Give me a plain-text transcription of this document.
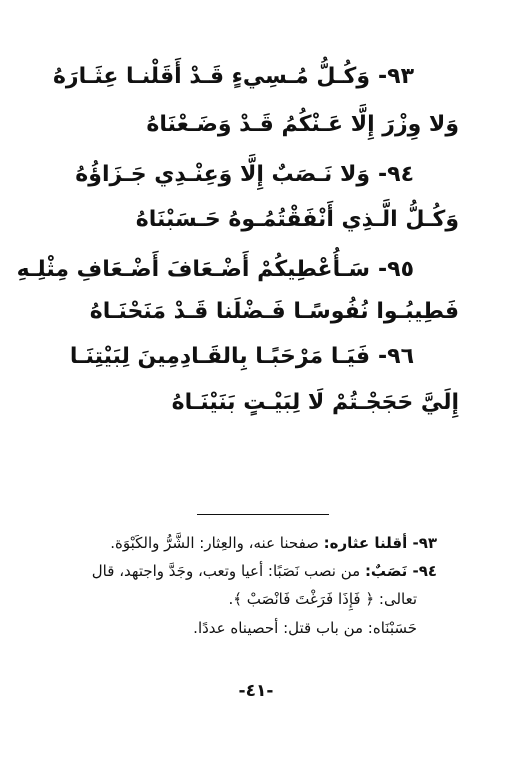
٩٣-وَكُـلُّ مُـسِيءٍ قَـدْ أَقَلْنـا عِثَـارَهُ
وَلا وِزْرَ إِلَّا عَـنْكُمُ قَـدْ وَضَـعْنَاهُ
٩٤-وَلا نَـصَبٌ إِلَّا وَعِنْـدِي جَـزَاؤُهُ
وَكُـلُّ الَّـذِي أَنْفَقْتُمُـوهُ حَـسَبْنَاهُ
٩٥-سَـأُعْطِيكُمْ أَضْـعَافَ أَضْـعَافِ مِثْلِـهِ
فَطِيبُـوا نُفُوسًـا فَـضْلَنا قَـدْ مَنَحْنَـاهُ
٩٦-فَيَـا مَرْحَبًـا بِالقَـادِمِينَ لِبَيْتِنَـا
إِلَيَّ حَجَجْـتُمْ لَا لِبَيْـتٍ بَنَيْنَـاهُ
٩٣- أقلنا عثاره: صفحنا عنه، والعِثار: الشَّرُّ والكَبْوَة.
٩٤- نَصَبٌ: من نصب نَصَبًا: أعيا وتعب، وجَدَّ واجتهد، قال
تعالى: ﴿ فَإِذَا فَرَغْتَ فَانْصَبْ ﴾.
حَسَبْنَاه: من باب قتل: أحصيناه عددًا.
-٤١-
